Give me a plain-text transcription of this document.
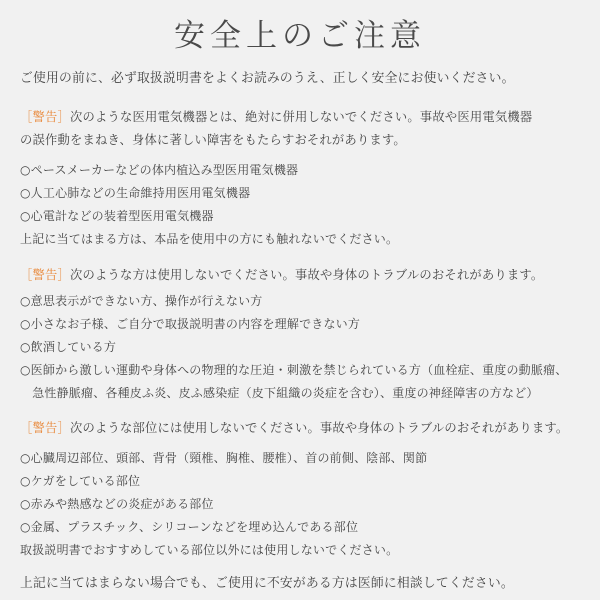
安全上のご注意
ご使用の前に、必ず取扱説明書をよくお読みのうえ、正しく安全にお使いください。
［警告］次のような医用電気機器とは、絶対に併用しないでください。事故や医用電気機器
の誤作動をまねき、身体に著しい障害をもたらすおそれがあります。
○ペースメーカーなどの体内植込み型医用電気機器
○人工心肺などの生命維持用医用電気機器
○心電計などの装着型医用電気機器
上記に当てはまる方は、本品を使用中の方にも触れないでください。
［警告］次のような方は使用しないでください。事故や身体のトラブルのおそれがあります。
○意思表示ができない方、操作が行えない方
○小さなお子様、ご自分で取扱説明書の内容を理解できない方
○飲酒している方
○医師から激しい運動や身体への物理的な圧迫・刺激を禁じられている方（血栓症、重度の動脈瘤、
　急性静脈瘤、各種皮ふ炎、皮ふ感染症（皮下組織の炎症を含む）、重度の神経障害の方など）
［警告］次のような部位には使用しないでください。事故や身体のトラブルのおそれがあります。
○心臓周辺部位、頭部、背骨（頸椎、胸椎、腰椎）、首の前側、陰部、関節
○ケガをしている部位
○赤みや熱感などの炎症がある部位
○金属、プラスチック、シリコーンなどを埋め込んである部位
取扱説明書でおすすめしている部位以外には使用しないでください。
上記に当てはまらない場合でも、ご使用に不安がある方は医師に相談してください。
